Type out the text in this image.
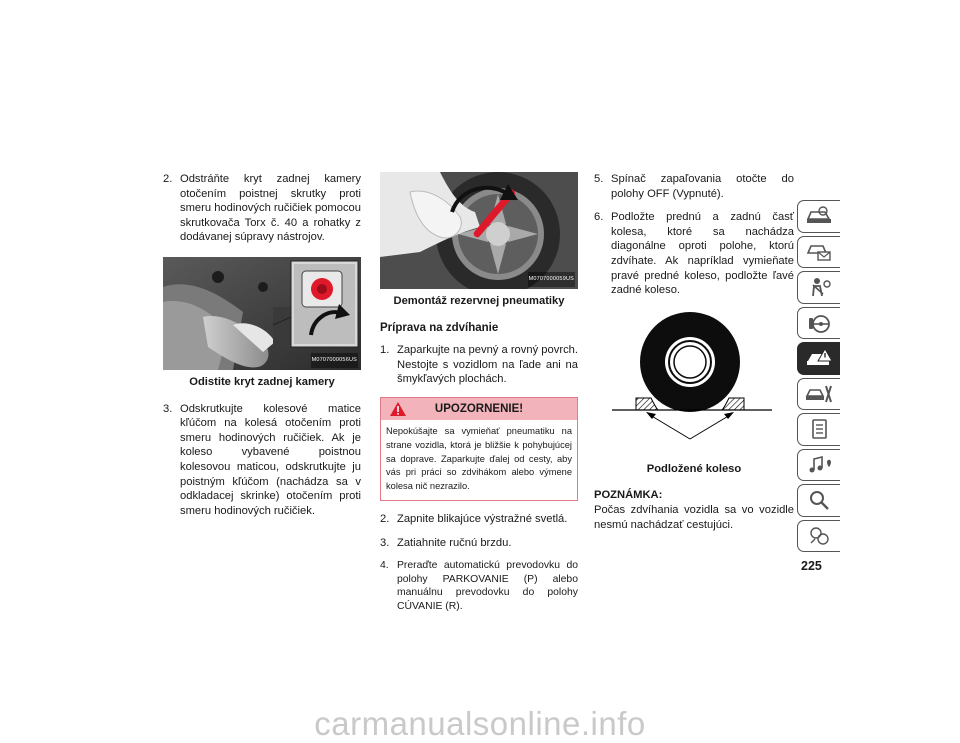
2. Odstráňte kryt zadnej kamery otočením poistnej skrutky proti smeru hodinových ručičiek pomocou skrutkovača Torx č. 40 a rohatky z dodávanej súpravy nástrojov.
M0707000056US
Odistite kryt zadnej kamery
3. Odskrutkujte kolesové matice kľúčom na kolesá otočením proti smeru hodinových ručičiek. Ak je koleso vybavené poistnou kolesovou maticou, odskrutkujte ju poistným kľúčom (nachádza sa v odkladacej skrinke) otočením proti smeru hodinových ručičiek.
M0707000059US
Demontáž rezervnej pneumatiky
Príprava na zdvíhanie
1. Zaparkujte na pevný a rovný povrch. Nestojte s vozidlom na ľade ani na šmykľavých plochách.
UPOZORNENIE!
Nepokúšajte sa vymieňať pneumatiku na strane vozidla, ktorá je bližšie k pohybujúcej sa doprave. Zaparkujte ďalej od cesty, aby vás pri práci so zdvihákom alebo výmene kolesa nič nezrazilo.
2. Zapnite blikajúce výstražné svetlá.
3. Zatiahnite ručnú brzdu.
4. Preraďte automatickú prevodovku do polohy PARKOVANIE (P) alebo manuálnu prevodovku do polohy CÚVANIE (R).
5. Spínač zapaľovania otočte do polohy OFF (Vypnuté).
6. Podložte prednú a zadnú časť kolesa, ktoré sa nachádza diagonálne oproti polohe, ktorú zdvíhate. Ak napríklad vymieňate pravé predné koleso, podložte ľavé zadné koleso.
Podložené koleso
POZNÁMKA:
Počas zdvíhania vozidla sa vo vozidle nesmú nachádzať cestujúci.
225
carmanualsonline.info
